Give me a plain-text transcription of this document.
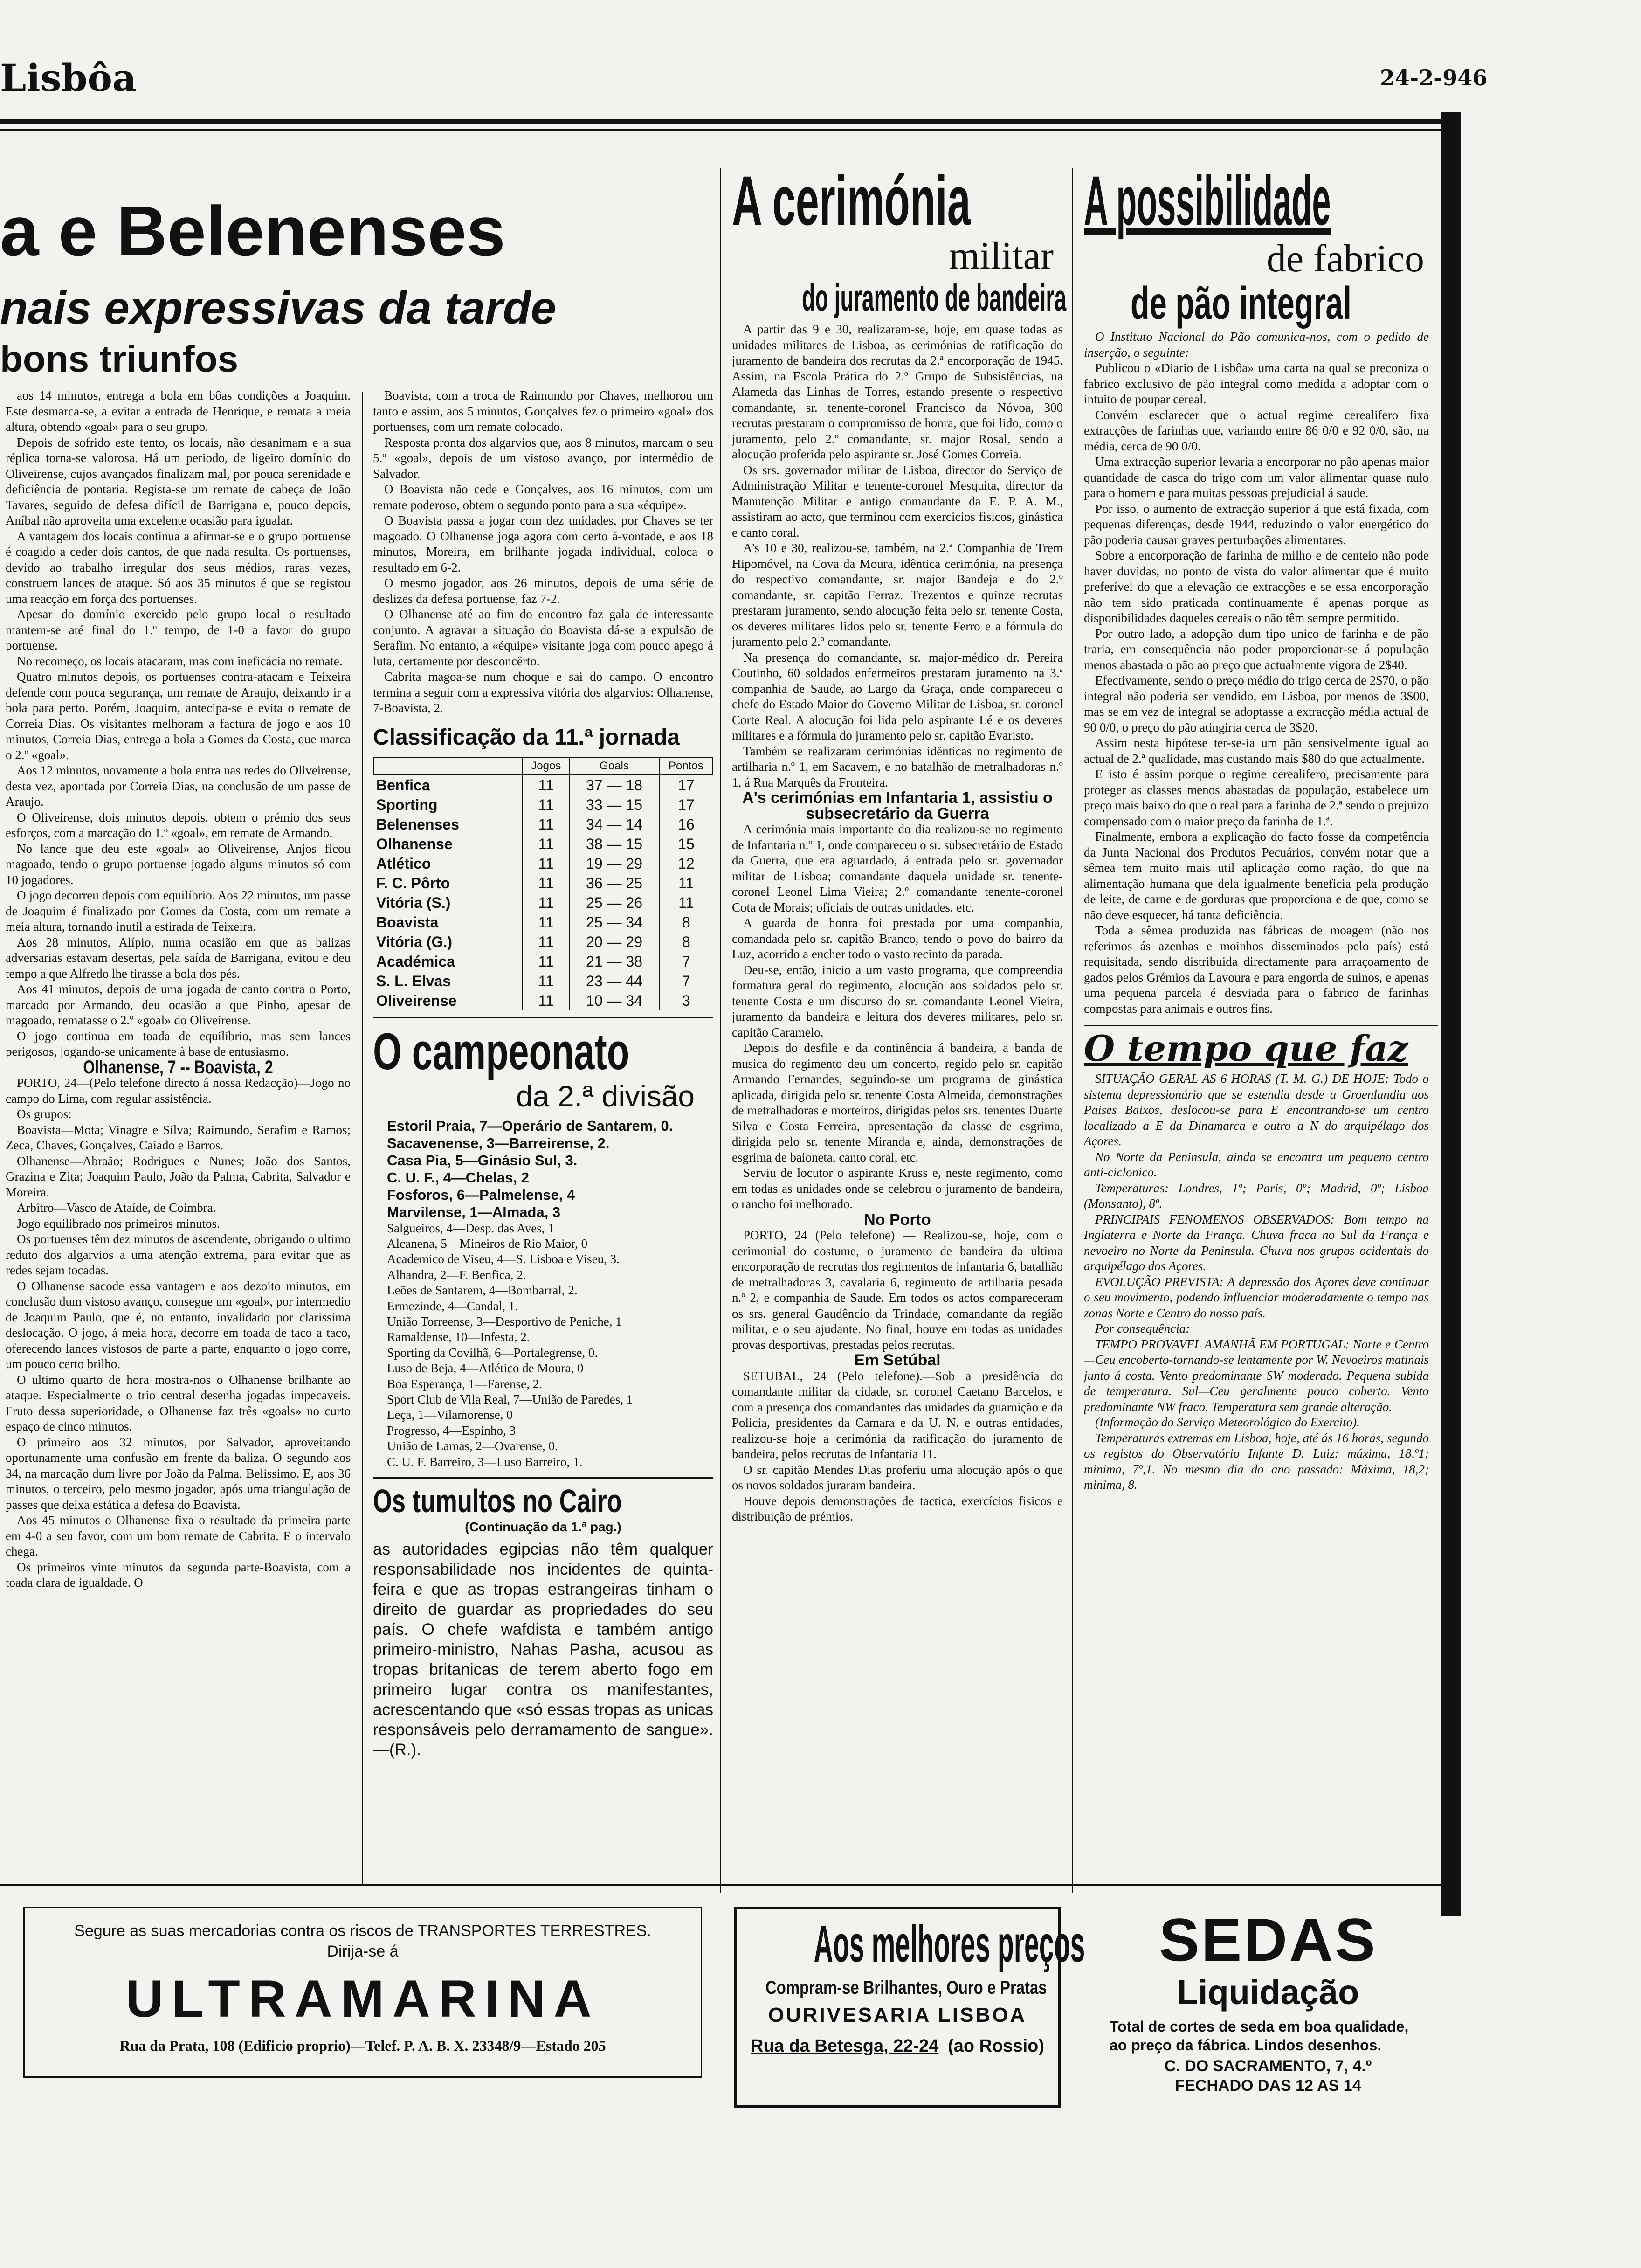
Lisbôa	24-2-946
a e Belenenses
nais expressivas da tarde
bons triunfos

aos 14 minutos, entrega a bola em bôas condições a Joaquim. Este desmarca-se, a evitar a entrada de Henrique, e remata a meia altura, obtendo «goal» para o seu grupo.

Depois de sofrido este tento, os locais, não desanimam e a sua réplica torna-se valorosa. Há um periodo, de ligeiro domínio do Oliveirense, cujos avançados finalizam mal, por pouca serenidade e deficiência de pontaria. Regista-se um remate de cabeça de João Tavares, seguido de defesa difícil de Barrigana e, pouco depois, Aníbal não aproveita uma excelente ocasião para igualar.

A vantagem dos locais continua a afirmar-se e o grupo portuense é coagido a ceder dois cantos, de que nada resulta. Os portuenses, devido ao trabalho irregular dos seus médios, raras vezes, construem lances de ataque. Só aos 35 minutos é que se registou uma reacção em força dos portuenses.

Apesar do domínio exercido pelo grupo local o resultado mantem-se até final do 1.º tempo, de 1-0 a favor do grupo portuense.

No recomeço, os locais atacaram, mas com ineficácia no remate.

Quatro minutos depois, os portuenses contra-atacam e Teixeira defende com pouca segurança, um remate de Araujo, deixando ir a bola para perto. Porém, Joaquim, antecipa-se e evita o remate de Correia Dias. Os visitantes melhoram a factura de jogo e aos 10 minutos, Correia Dias, entrega a bola a Gomes da Costa, que marca o 2.º «goal».

Aos 12 minutos, novamente a bola entra nas redes do Oliveirense, desta vez, apontada por Correia Dias, na conclusão de um passe de Araujo.

O Oliveirense, dois minutos depois, obtem o prémio dos seus esforços, com a marcação do 1.º «goal», em remate de Armando.

No lance que deu este «goal» ao Oliveirense, Anjos ficou magoado, tendo o grupo portuense jogado alguns minutos só com 10 jogadores.

O jogo decorreu depois com equilíbrio. Aos 22 minutos, um passe de Joaquim é finalizado por Gomes da Costa, com um remate a meia altura, tornando inutil a estirada de Teixeira.

Aos 28 minutos, Alípio, numa ocasião em que as balizas adversarias estavam desertas, pela saída de Barrigana, evitou e deu tempo a que Alfredo lhe tirasse a bola dos pés.

Aos 41 minutos, depois de uma jogada de canto contra o Porto, marcado por Armando, deu ocasião a que Pinho, apesar de magoado, rematasse o 2.º «goal» do Oliveirense.

O jogo continua em toada de equilibrio, mas sem lances perigosos, jogando-se unicamente à base de entusiasmo.

Olhanense, 7 -- Boavista, 2

PORTO, 24—(Pelo telefone directo á nossa Redacção)—Jogo no campo do Lima, com regular assistência.

Os grupos:

Boavista—Mota; Vinagre e Silva; Raimundo, Serafim e Ramos; Zeca, Chaves, Gonçalves, Caiado e Barros.

Olhanense—Abraão; Rodrigues e Nunes; João dos Santos, Grazina e Zita; Joaquim Paulo, João da Palma, Cabrita, Salvador e Moreira.

Arbitro—Vasco de Ataíde, de Coimbra.

Jogo equilibrado nos primeiros minutos.

Os portuenses têm dez minutos de ascendente, obrigando o ultimo reduto dos algarvios a uma atenção extrema, para evitar que as redes sejam tocadas.

O Olhanense sacode essa vantagem e aos dezoito minutos, em conclusão dum vistoso avanço, consegue um «goal», por intermedio de Joaquim Paulo, que é, no entanto, invalidado por clarissima deslocação. O jogo, á meia hora, decorre em toada de taco a taco, oferecendo lances vistosos de parte a parte, enquanto o jogo corre, um pouco certo brilho.

O ultimo quarto de hora mostra-nos o Olhanense brilhante ao ataque. Especialmente o trio central desenha jogadas impecaveis. Fruto dessa superioridade, o Olhanense faz três «goals» no curto espaço de cinco minutos.

O primeiro aos 32 minutos, por Salvador, aproveitando oportunamente uma confusão em frente da baliza. O segundo aos 34, na marcação dum livre por João da Palma. Belissimo. E, aos 36 minutos, o terceiro, pelo mesmo jogador, após uma triangulação de passes que deixa estática a defesa do Boavista.

Aos 45 minutos o Olhanense fixa o resultado da primeira parte em 4-0 a seu favor, com um bom remate de Cabrita. E o intervalo chega.

Os primeiros vinte minutos da segunda parte-Boavista, com a toada clara de igualdade. O

Boavista, com a troca de Raimundo por Chaves, melhorou um tanto e assim, aos 5 minutos, Gonçalves fez o primeiro «goal» dos portuenses, com um remate colocado.

Resposta pronta dos algarvios que, aos 8 minutos, marcam o seu 5.º «goal», depois de um vistoso avanço, por intermédio de Salvador.

O Boavista não cede e Gonçalves, aos 16 minutos, com um remate poderoso, obtem o segundo ponto para a sua «équipe».

O Boavista passa a jogar com dez unidades, por Chaves se ter magoado. O Olhanense joga agora com certo á-vontade, e aos 18 minutos, Moreira, em brilhante jogada individual, coloca o resultado em 6-2.

O mesmo jogador, aos 26 minutos, depois de uma série de deslizes da defesa portuense, faz 7-2.

O Olhanense até ao fim do encontro faz gala de interessante conjunto. A agravar a situação do Boavista dá-se a expulsão de Serafim. No entanto, a «équipe» visitante joga com pouco apego á luta, certamente por desconcêrto.

Cabrita magoa-se num choque e sai do campo. O encontro termina a seguir com a expressiva vitória dos algarvios: Olhanense, 7-Boavista, 2.

Classificação da 11.ª jornada
	Jogos	Goals	Pontos
Benfica	11	37 — 18	17
Sporting	11	33 — 15	17
Belenenses	11	34 — 14	16
Olhanense	11	38 — 15	15
Atlético	11	19 — 29	12
F. C. Pôrto	11	36 — 25	11
Vitória (S.)	11	25 — 26	11
Boavista	11	25 — 34	8
Vitória (G.)	11	20 — 29	8
Académica	11	21 — 38	7
S. L. Elvas	11	23 — 44	7
Oliveirense	11	10 — 34	3
O campeonato
da 2.ª divisão
Estoril Praia, 7—Operário de Santarem, 0.
Sacavenense, 3—Barreirense, 2.
Casa Pia, 5—Ginásio Sul, 3.
C. U. F., 4—Chelas, 2
Fosforos, 6—Palmelense, 4
Marvilense, 1—Almada, 3
Salgueiros, 4—Desp. das Aves, 1
Alcanena, 5—Mineiros de Rio Maior, 0
Academico de Viseu, 4—S. Lisboa e Viseu, 3.
Alhandra, 2—F. Benfica, 2.
Leões de Santarem, 4—Bombarral, 2.
Ermezinde, 4—Candal, 1.
União Torreense, 3—Desportivo de Peniche, 1
Ramaldense, 10—Infesta, 2.
Sporting da Covilhã, 6—Portalegrense, 0.
Luso de Beja, 4—Atlético de Moura, 0
Boa Esperança, 1—Farense, 2.
Sport Club de Vila Real, 7—União de Paredes, 1
Leça, 1—Vilamorense, 0
Progresso, 4—Espinho, 3
União de Lamas, 2—Ovarense, 0.
C. U. F. Barreiro, 3—Luso Barreiro, 1.
Os tumultos no Cairo
(Continuação da 1.ª pag.)
as autoridades egipcias não têm qualquer responsabilidade nos incidentes de quinta-feira e que as tropas estrangeiras tinham o direito de guardar as propriedades do seu país. O chefe wafdista e também antigo primeiro-ministro, Nahas Pasha, acusou as tropas britanicas de terem aberto fogo em primeiro lugar contra os manifestantes, acrescentando que «só essas tropas as unicas responsáveis pelo derramamento de sangue».—(R.).
A cerimónia
militar
do juramento de bandeira

A partir das 9 e 30, realizaram-se, hoje, em quase todas as unidades militares de Lisboa, as cerimónias de ratificação do juramento de bandeira dos recrutas da 2.ª encorporação de 1945. Assim, na Escola Prática do 2.º Grupo de Subsistências, na Alameda das Linhas de Torres, estando presente o respectivo comandante, sr. tenente-coronel Francisco da Nóvoa, 300 recrutas prestaram o compromisso de honra, que foi lido, como o juramento, pelo 2.º comandante, sr. major Rosal, sendo a alocução proferida pelo aspirante sr. José Gomes Correia.

Os srs. governador militar de Lisboa, director do Serviço de Administração Militar e tenente-coronel Mesquita, director da Manutenção Militar e antigo comandante da E. P. A. M., assistiram ao acto, que terminou com exercicios fisicos, ginástica e canto coral.

A's 10 e 30, realizou-se, também, na 2.ª Companhia de Trem Hipomóvel, na Cova da Moura, idêntica cerimónia, na presença do respectivo comandante, sr. major Bandeja e do 2.º comandante, sr. capitão Ferraz. Trezentos e quinze recrutas prestaram juramento, sendo alocução feita pelo sr. tenente Costa, os deveres militares lidos pelo sr. tenente Ferro e a fórmula do juramento pelo 2.º comandante.

Na presença do comandante, sr. major-médico dr. Pereira Coutinho, 60 soldados enfermeiros prestaram juramento na 3.ª companhia de Saude, ao Largo da Graça, onde compareceu o chefe do Estado Maior do Governo Militar de Lisboa, sr. coronel Corte Real. A alocução foi lida pelo aspirante Lé e os deveres militares e a fórmula do juramento pelo sr. capitão Evaristo.

Também se realizaram cerimónias idênticas no regimento de artilharia n.º 1, em Sacavem, e no batalhão de metralhadoras n.º 1, á Rua Marquês da Fronteira.

A's cerimónias em Infantaria 1, assistiu o subsecretário da Guerra

A cerimónia mais importante do dia realizou-se no regimento de Infantaria n.º 1, onde compareceu o sr. subsecretário de Estado da Guerra, que era aguardado, á entrada pelo sr. governador militar de Lisboa; comandante daquela unidade sr. tenente-coronel Leonel Lima Vieira; 2.º comandante tenente-coronel Cota de Morais; oficiais de outras unidades, etc.

A guarda de honra foi prestada por uma companhia, comandada pelo sr. capitão Branco, tendo o povo do bairro da Luz, acorrido a encher todo o vasto recinto da parada.

Deu-se, então, inicio a um vasto programa, que compreendia formatura geral do regimento, alocução aos soldados pelo sr. tenente Costa e um discurso do sr. comandante Leonel Vieira, juramento da bandeira e leitura dos deveres militares, pelo sr. capitão Caramelo.

Depois do desfile e da continência á bandeira, a banda de musica do regimento deu um concerto, regido pelo sr. capitão Armando Fernandes, seguindo-se um programa de ginástica aplicada, dirigida pelo sr. tenente Costa Almeida, demonstrações de metralhadoras e morteiros, dirigidas pelos srs. tenentes Duarte Silva e Costa Ferreira, apresentação da classe de esgrima, dirigida pelo sr. tenente Miranda e, ainda, demonstrações de esgrima de baioneta, canto coral, etc.

Serviu de locutor o aspirante Kruss e, neste regimento, como em todas as unidades onde se celebrou o juramento de bandeira, o rancho foi melhorado.

No Porto

PORTO, 24 (Pelo telefone) — Realizou-se, hoje, com o cerimonial do costume, o juramento de bandeira da ultima encorporação de recrutas dos regimentos de infantaria 6, batalhão de metralhadoras 3, cavalaria 6, regimento de artilharia pesada n.º 2, e companhia de Saude. Em todos os actos compareceram os srs. general Gaudêncio da Trindade, comandante da região militar, e o seu ajudante. No final, houve em todas as unidades provas desportivas, prestadas pelos recrutas.

Em Setúbal

SETUBAL, 24 (Pelo telefone).—Sob a presidência do comandante militar da cidade, sr. coronel Caetano Barcelos, e com a presença dos comandantes das unidades da guarnição e da Policia, presidentes da Camara e da U. N. e outras entidades, realizou-se hoje a cerimónia da ratificação do juramento de bandeira, pelos recrutas de Infantaria 11.

O sr. capitão Mendes Dias proferiu uma alocução após o que os novos soldados juraram bandeira.

Houve depois demonstrações de tactica, exercícios fisicos e distribuição de prémios.

A possibilidade
de fabrico
de pão integral

O Instituto Nacional do Pão comunica-nos, com o pedido de inserção, o seguinte:

Publicou o «Diario de Lisbôa» uma carta na qual se preconiza o fabrico exclusivo de pão integral como medida a adoptar com o intuito de poupar cereal.

Convém esclarecer que o actual regime cerealifero fixa extracções de farinhas que, variando entre 86 0/0 e 92 0/0, são, na média, cerca de 90 0/0.

Uma extracção superior levaria a encorporar no pão apenas maior quantidade de casca do trigo com um valor alimentar quase nulo para o homem e para muitas pessoas prejudicial á saude.

Por isso, o aumento de extracção superior á que está fixada, com pequenas diferenças, desde 1944, reduzindo o valor energético do pão poderia causar graves perturbações alimentares.

Sobre a encorporação de farinha de milho e de centeio não pode haver duvidas, no ponto de vista do valor alimentar que é muito preferível do que a elevação de extracções e se essa encorporação não tem sido praticada continuamente é apenas porque as disponibilidades daqueles cereais o não têm sempre permitido.

Por outro lado, a adopção dum tipo unico de farinha e de pão traria, em consequência não poder proporcionar-se á população menos abastada o pão ao preço que actualmente vigora de 2$40.

Efectivamente, sendo o preço médio do trigo cerca de 2$70, o pão integral não poderia ser vendido, em Lisboa, por menos de 3$00, mas se em vez de integral se adoptasse a extracção média actual de 90 0/0, o preço do pão atingiria cerca de 3$20.

Assim nesta hipótese ter-se-ia um pão sensivelmente igual ao actual de 2.ª qualidade, mas custando mais $80 do que actualmente.

E isto é assim porque o regime cerealifero, precisamente para proteger as classes menos abastadas da população, estabelece um preço mais baixo do que o real para a farinha de 2.ª sendo o prejuizo compensado com o maior preço da farinha de 1.ª.

Finalmente, embora a explicação do facto fosse da competência da Junta Nacional dos Produtos Pecuários, convém notar que a sêmea tem muito mais util aplicação como ração, do que na alimentação humana que dela igualmente beneficia pela produção de leite, de carne e de gorduras que proporciona e de que, como se não deve esquecer, há tanta deficiência.

Toda a sêmea produzida nas fábricas de moagem (não nos referimos ás azenhas e moinhos disseminados pelo país) está requisitada, sendo distribuida directamente para arraçoamento de gados pelos Grémios da Lavoura e para engorda de suinos, e apenas uma pequena parcela é desviada para o fabrico de farinhas compostas para animais e outros fins.

O tempo que faz

SITUAÇÃO GERAL AS 6 HORAS (T. M. G.) DE HOJE: Todo o sistema depressionário que se estendia desde a Groenlandia aos Paises Baixos, deslocou-se para E encontrando-se um centro localizado a E da Dinamarca e outro a N do arquipélago dos Açores.

No Norte da Peninsula, ainda se encontra um pequeno centro anti-ciclonico.

Temperaturas: Londres, 1º; Paris, 0º; Madrid, 0º; Lisboa (Monsanto), 8º.

PRINCIPAIS FENOMENOS OBSERVADOS: Bom tempo na Inglaterra e Norte da França. Chuva fraca no Sul da França e nevoeiro no Norte da Peninsula. Chuva nos grupos ocidentais do arquipélago dos Açores.

EVOLUÇÃO PREVISTA: A depressão dos Açores deve continuar o seu movimento, podendo influenciar moderadamente o tempo nas zonas Norte e Centro do nosso país.

Por consequência:

TEMPO PROVAVEL AMANHÃ EM PORTUGAL: Norte e Centro—Ceu encoberto-tornando-se lentamente por W. Nevoeiros matinais junto á costa. Vento predominante SW moderado. Pequena subida de temperatura. Sul—Ceu geralmente pouco coberto. Vento predominante NW fraco. Temperatura sem grande alteração.

(Informação do Serviço Meteorológico do Exercito).

Temperaturas extremas em Lisboa, hoje, até ás 16 horas, segundo os registos do Observatório Infante D. Luiz: máxima, 18,º1; minima, 7º,1. No mesmo dia do ano passado: Máxima, 18,2; minima, 8.

Segure as suas mercadorias contra os riscos de TRANSPORTES TERRESTRES. Dirija-se á
ULTRAMARINA
Rua da Prata, 108 (Edificio proprio)—Telef. P. A. B. X. 23348/9—Estado 205
Aos melhores preços
Compram-se Brilhantes, Ouro e Pratas
OURIVESARIA LISBOA
Rua da Betesga, 22-24 (ao Rossio)
SEDAS
Liquidação
Total de cortes de seda em boa qualidade, ao preço da fábrica. Lindos desenhos.
C. DO SACRAMENTO, 7, 4.º
FECHADO DAS 12 AS 14
